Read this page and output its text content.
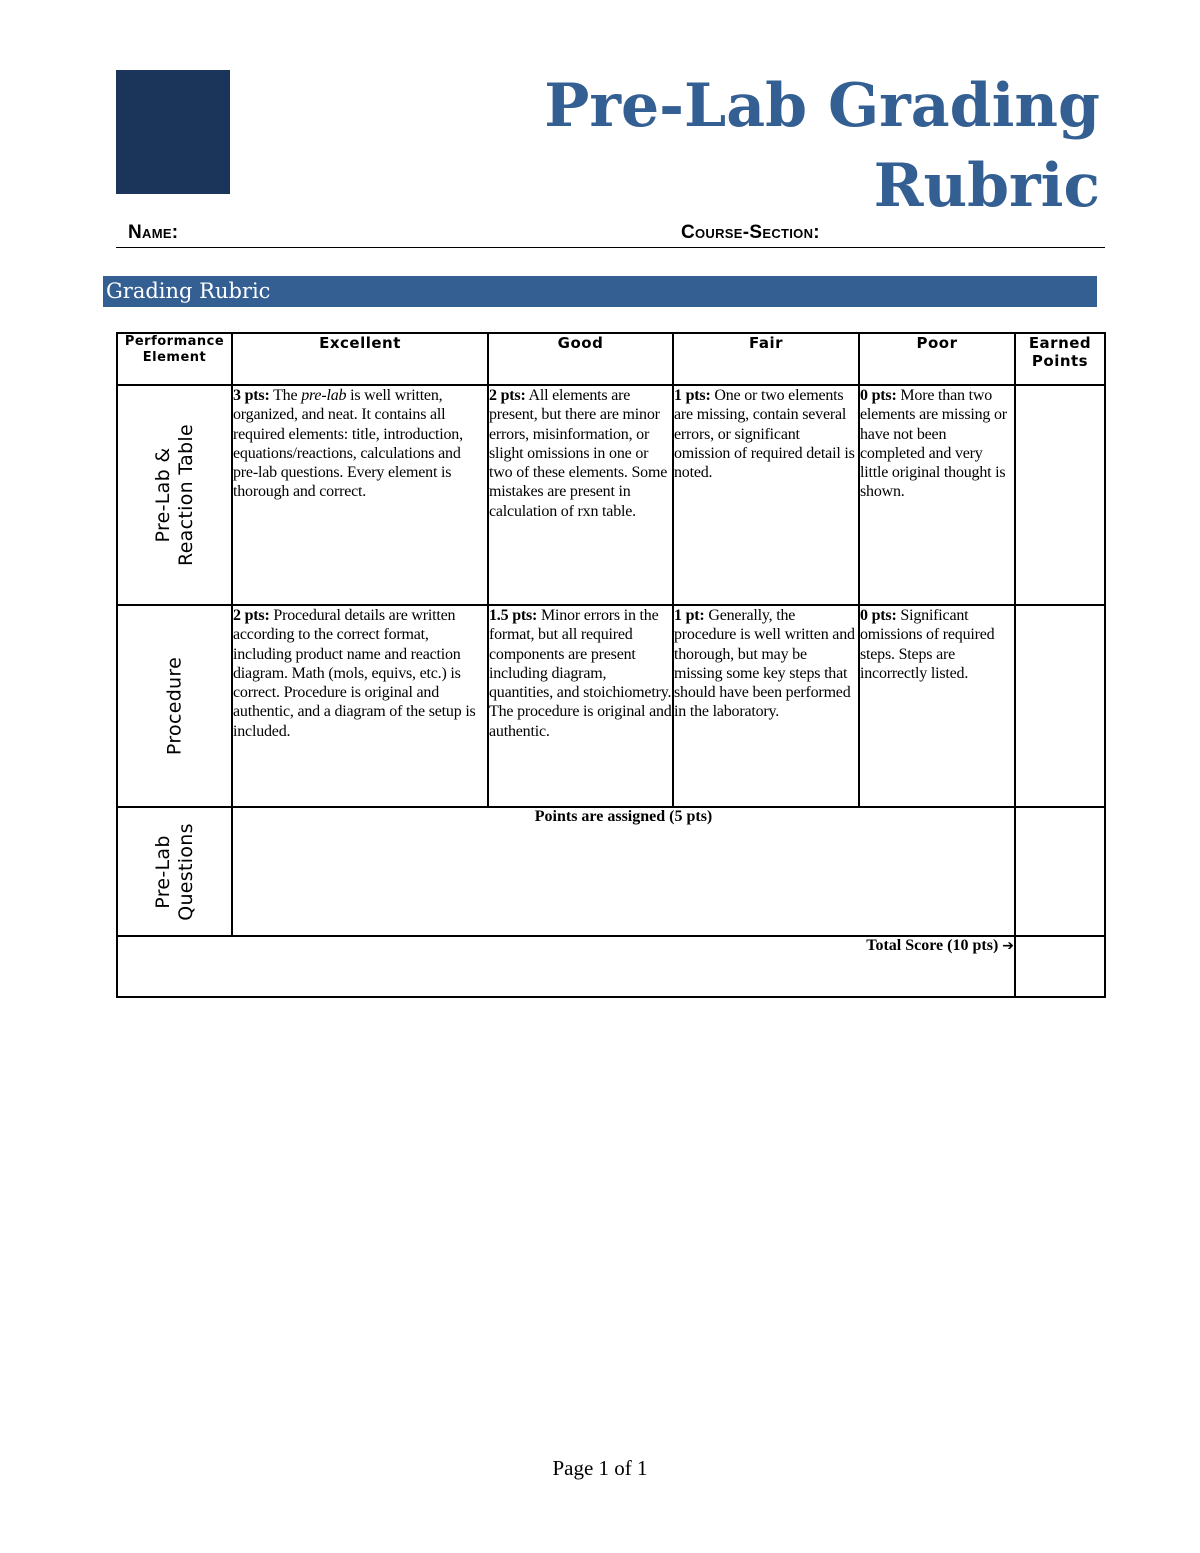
Pre-Lab Grading Rubric
Name:	Course-Section:
Grading Rubric
Performance Element	Excellent	Good	Fair	Poor	Earned Points

Pre-Lab & Reaction Table	3 pts: The pre-lab is well written, organized, and neat. It contains all required elements: title, introduction, equations/reactions, calculations and pre-lab questions. Every element is thorough and correct.	2 pts: All elements are present, but there are minor errors, misinformation, or slight omissions in one or two of these elements. Some mistakes are present in calculation of rxn table.	1 pts: One or two elements are missing, contain several errors, or significant omission of required detail is noted.	0 pts: More than two elements are missing or have not been completed and very little original thought is shown.	

Procedure	2 pts: Procedural details are written according to the correct format, including product name and reaction diagram. Math (mols, equivs, etc.) is correct. Procedure is original and authentic, and a diagram of the setup is included.	1.5 pts: Minor errors in the format, but all required components are present including diagram, quantities, and stoichiometry. The procedure is original and authentic.	1 pt: Generally, the procedure is well written and thorough, but may be missing some key steps that should have been performed in the laboratory.	0 pts: Significant omissions of required steps. Steps are incorrectly listed.	

Pre-Lab Questions	Points are assigned (5 pts)				
Total Score (10 pts) ➔					
Page 1 of 1
